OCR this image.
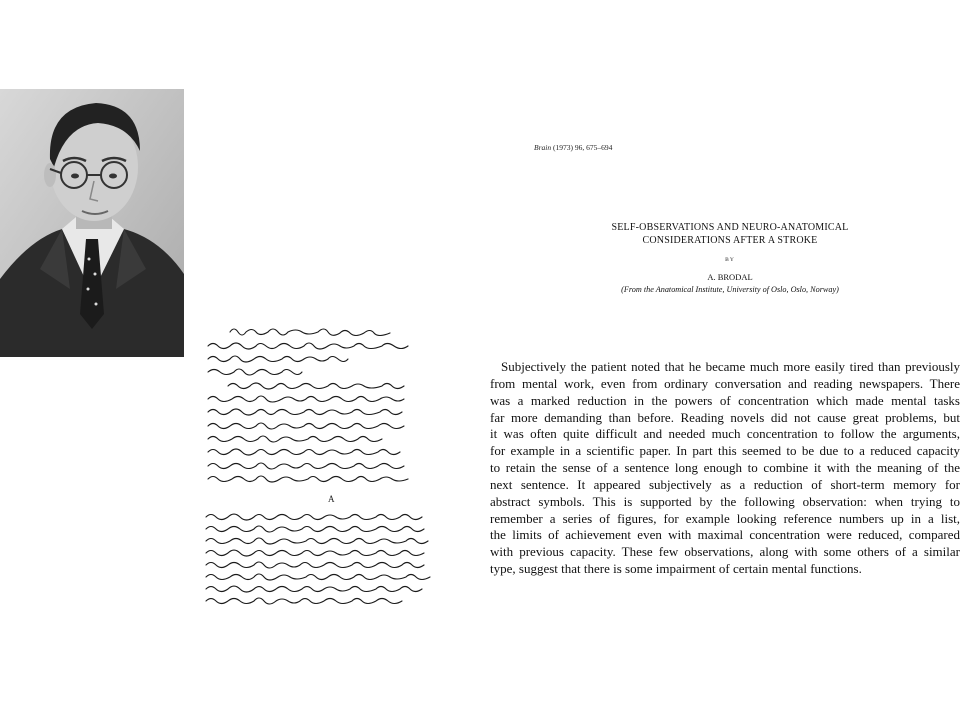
A
Brain (1973) 96, 675–694
SELF-OBSERVATIONS AND NEURO-ANATOMICAL
CONSIDERATIONS AFTER A STROKE
BY
A. BRODAL
(From the Anatomical Institute, University of Oslo, Oslo, Norway)
Subjectively the patient noted that he became much more easily tired than previously
from mental work, even from ordinary conversation and reading newspapers. There
was a marked reduction in the powers of concentration which made mental tasks
far more demanding than before. Reading novels did not cause great problems, but
it was often quite difficult and needed much concentration to follow the arguments,
for example in a scientific paper. In part this seemed to be due to a reduced capacity
to retain the sense of a sentence long enough to combine it with the meaning of the
next sentence. It appeared subjectively as a reduction of short-term memory for
abstract symbols. This is supported by the following observation: when trying to
remember a series of figures, for example looking reference numbers up in a list,
the limits of achievement even with maximal concentration were reduced, compared
with previous capacity. These few observations, along with some others of a similar
type, suggest that there is some impairment of certain mental functions.
